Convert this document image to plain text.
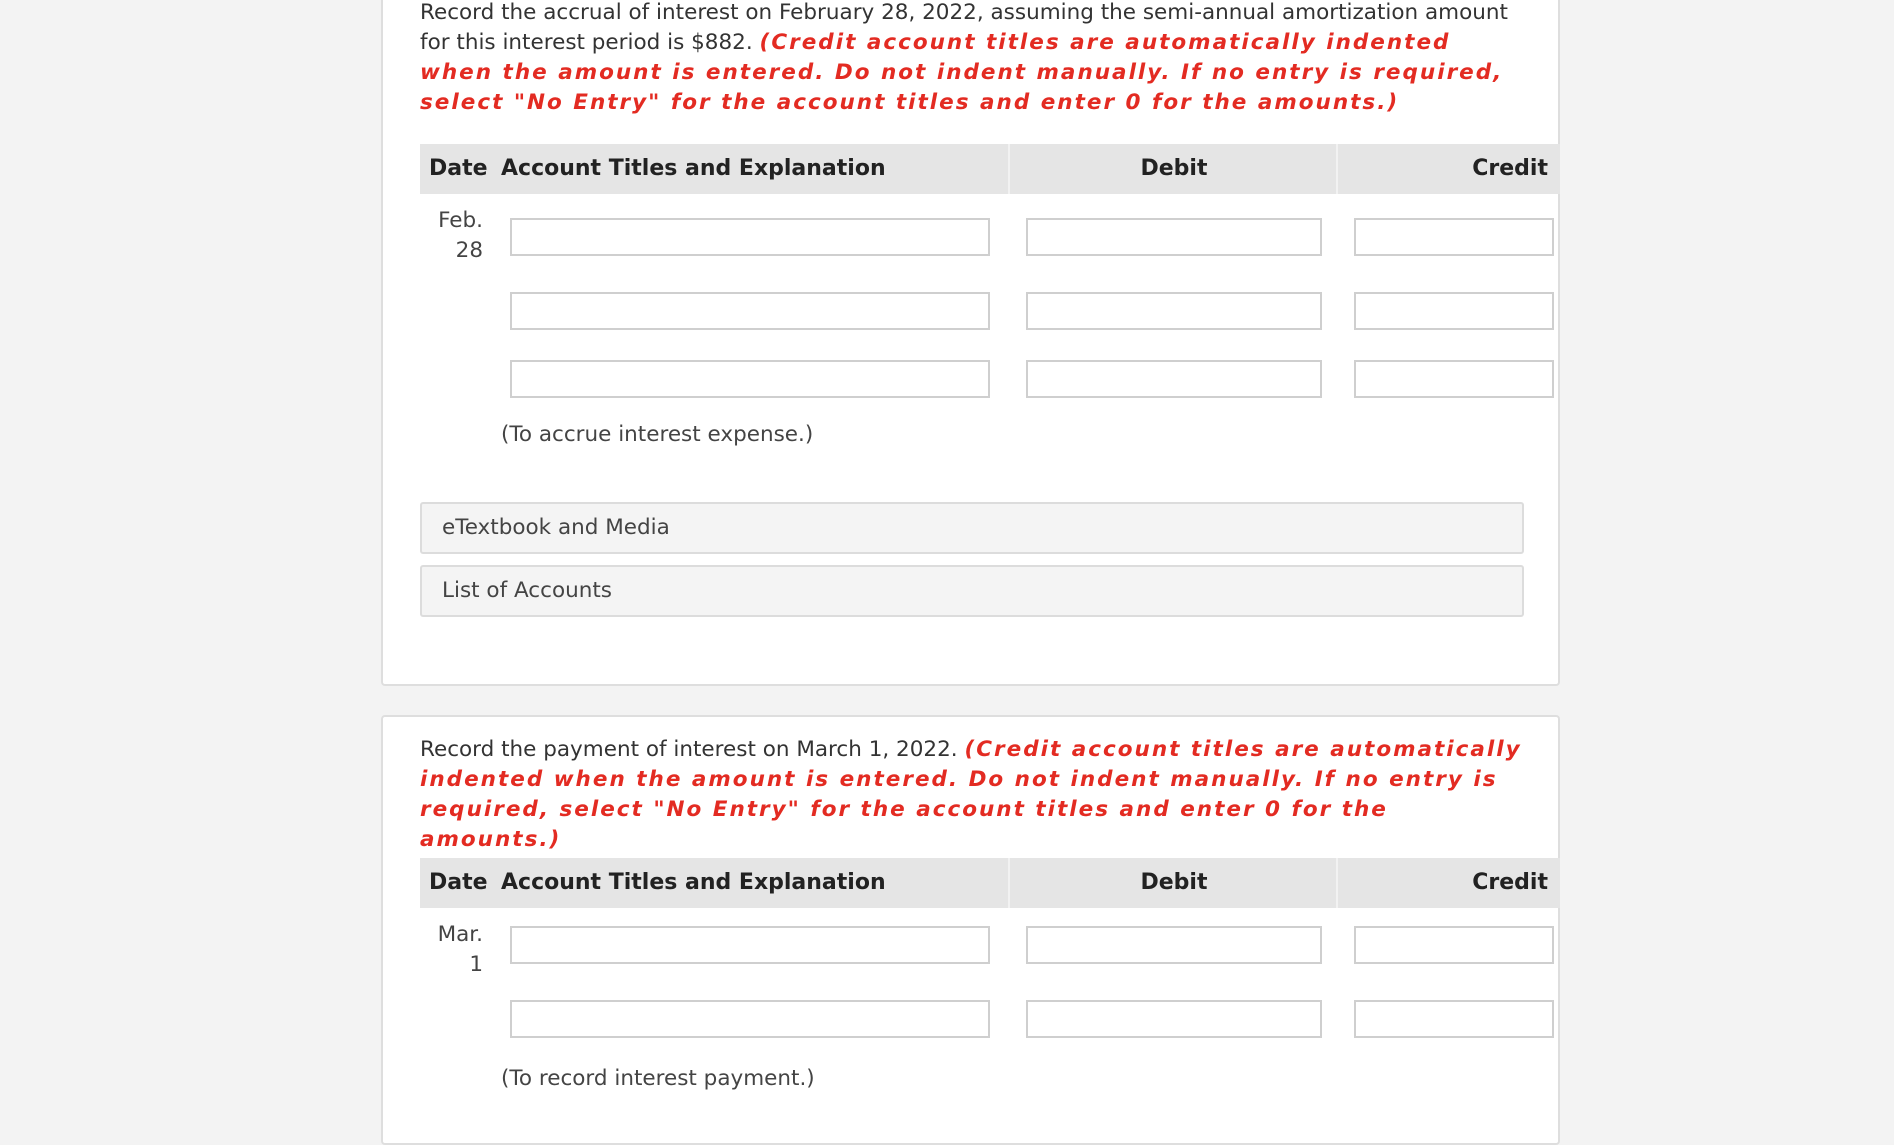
Record the accrual of interest on February 28, 2022, assuming the semi-annual amortization amount for this interest period is $882. (Credit account titles are automatically indented when the amount is entered. Do not indent manually. If no entry is required, select "No Entry" for the account titles and enter 0 for the amounts.)
Date Account Titles and Explanation	Debit	Credit
Feb.
28
(To accrue interest expense.)
eTextbook and Media
List of Accounts
Record the payment of interest on March 1, 2022. (Credit account titles are automatically indented when the amount is entered. Do not indent manually. If no entry is required, select "No Entry" for the account titles and enter 0 for the amounts.)
Date Account Titles and Explanation	Debit	Credit
Mar.
1
(To record interest payment.)
